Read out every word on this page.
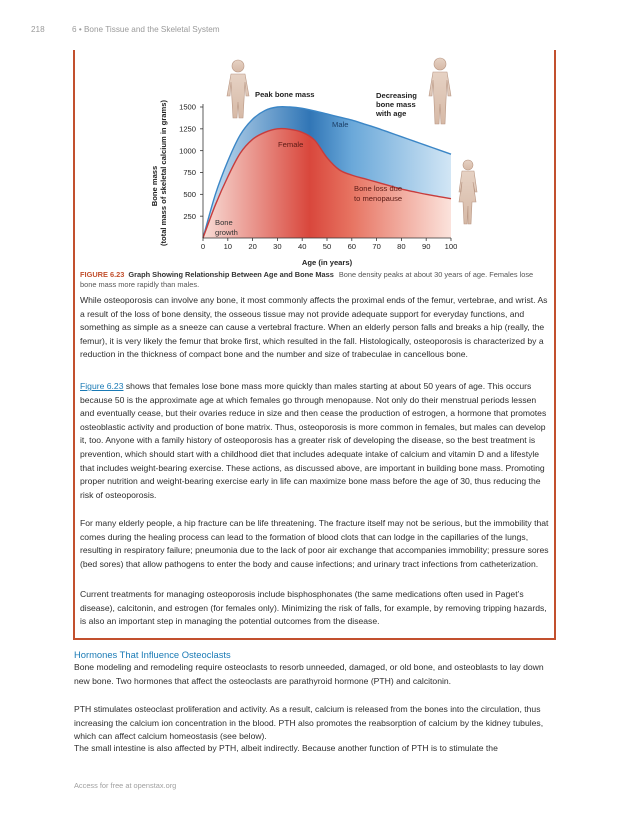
218	6 • Bone Tissue and the Skeletal System
0 10 20 30 40 50 60 70 80 90 100
250
500
750
1000
1250
1500
Bone mass (total mass of skeletal calcium in grams)
Age (in years)
Peak bone mass	Decreasing
bone mass
with age
Male
Female
Bone loss due
to menopause
Bone
growth
FIGURE 6.23 Graph Showing Relationship Between Age and Bone Mass Bone density peaks at about 30 years of age. Females lose bone mass more rapidly than males.

While osteoporosis can involve any bone, it most commonly affects the proximal ends of the femur, vertebrae, and wrist. As a result of the loss of bone density, the osseous tissue may not provide adequate support for everyday functions, and something as simple as a sneeze can cause a vertebral fracture. When an elderly person falls and breaks a hip (really, the femur), it is very likely the femur that broke first, which resulted in the fall. Histologically, osteoporosis is characterized by a reduction in the thickness of compact bone and the number and size of trabeculae in cancellous bone.

Figure 6.23 shows that females lose bone mass more quickly than males starting at about 50 years of age. This occurs because 50 is the approximate age at which females go through menopause. Not only do their menstrual periods lessen and eventually cease, but their ovaries reduce in size and then cease the production of estrogen, a hormone that promotes osteoblastic activity and production of bone matrix. Thus, osteoporosis is more common in females, but males can develop it, too. Anyone with a family history of osteoporosis has a greater risk of developing the disease, so the best treatment is prevention, which should start with a childhood diet that includes adequate intake of calcium and vitamin D and a lifestyle that includes weight-bearing exercise. These actions, as discussed above, are important in building bone mass. Promoting proper nutrition and weight-bearing exercise early in life can maximize bone mass before the age of 30, thus reducing the risk of osteoporosis.

For many elderly people, a hip fracture can be life threatening. The fracture itself may not be serious, but the immobility that comes during the healing process can lead to the formation of blood clots that can lodge in the capillaries of the lungs, resulting in respiratory failure; pneumonia due to the lack of poor air exchange that accompanies immobility; pressure sores (bed sores) that allow pathogens to enter the body and cause infections; and urinary tract infections from catheterization.

Current treatments for managing osteoporosis include bisphosphonates (the same medications often used in Paget’s disease), calcitonin, and estrogen (for females only). Minimizing the risk of falls, for example, by removing tripping hazards, is also an important step in managing the potential outcomes from the disease.

Hormones That Influence Osteoclasts

Bone modeling and remodeling require osteoclasts to resorb unneeded, damaged, or old bone, and osteoblasts to lay down new bone. Two hormones that affect the osteoclasts are parathyroid hormone (PTH) and calcitonin.

PTH stimulates osteoclast proliferation and activity. As a result, calcium is released from the bones into the circulation, thus increasing the calcium ion concentration in the blood. PTH also promotes the reabsorption of calcium by the kidney tubules, which can affect calcium homeostasis (see below).

The small intestine is also affected by PTH, albeit indirectly. Because another function of PTH is to stimulate the

Access for free at openstax.org
